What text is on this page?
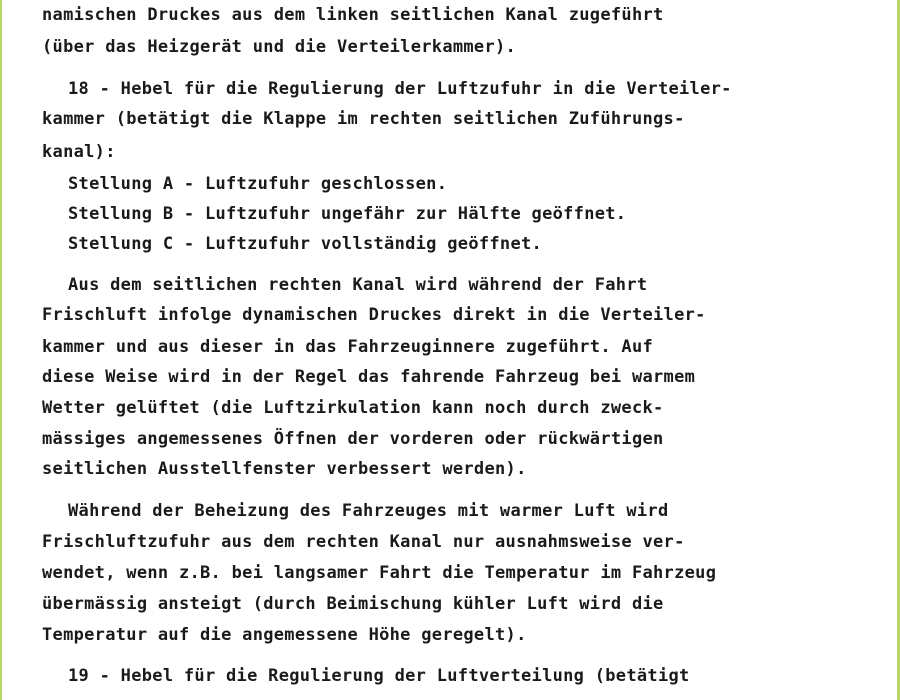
namischen Druckes aus dem linken seitlichen Kanal zugeführt

(über das Heizgerät und die Verteilerkammer).

18 - Hebel für die Regulierung der Luftzufuhr in die Verteiler-

kammer (betätigt die Klappe im rechten seitlichen Zuführungs-

kanal):

Stellung A - Luftzufuhr geschlossen.

Stellung B - Luftzufuhr ungefähr zur Hälfte geöffnet.

Stellung C - Luftzufuhr vollständig geöffnet.

Aus dem seitlichen rechten Kanal wird während der Fahrt

Frischluft infolge dynamischen Druckes direkt in die Verteiler-

kammer und aus dieser in das Fahrzeuginnere zugeführt. Auf

diese Weise wird in der Regel das fahrende Fahrzeug bei warmem

Wetter gelüftet (die Luftzirkulation kann noch durch zweck-

mässiges angemessenes Öffnen der vorderen oder rückwärtigen

seitlichen Ausstellfenster verbessert werden).

Während der Beheizung des Fahrzeuges mit warmer Luft wird

Frischluftzufuhr aus dem rechten Kanal nur ausnahmsweise ver-

wendet, wenn z.B. bei langsamer Fahrt die Temperatur im Fahrzeug

übermässig ansteigt (durch Beimischung kühler Luft wird die

Temperatur auf die angemessene Höhe geregelt).

19 - Hebel für die Regulierung der Luftverteilung (betätigt
